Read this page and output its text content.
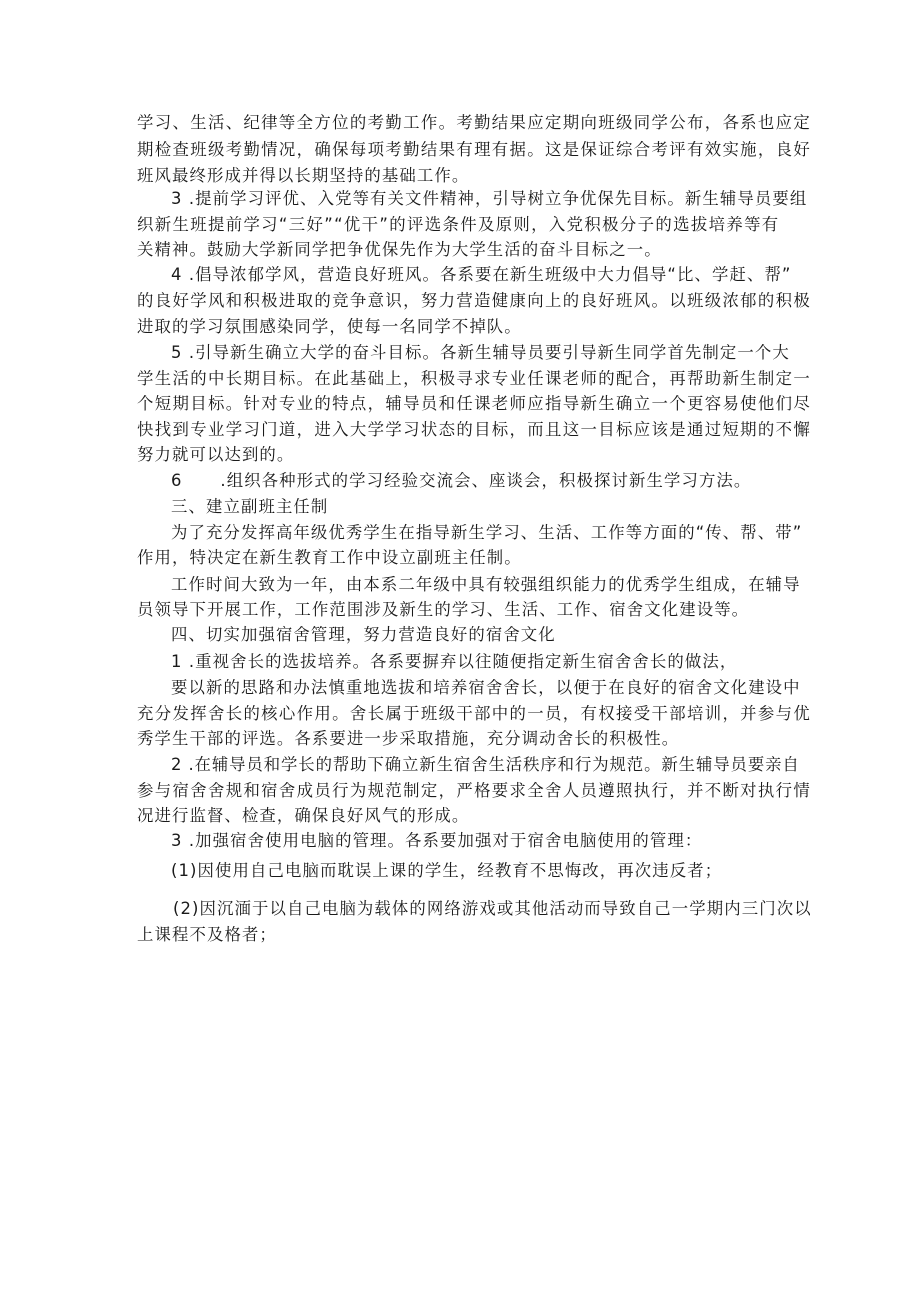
学习、生活、纪律等全方位的考勤工作。考勤结果应定期向班级同学公布，各系也应定
期检查班级考勤情况，确保每项考勤结果有理有据。这是保证综合考评有效实施，良好
班风最终形成并得以长期坚持的基础工作。
3 .提前学习评优、入党等有关文件精神，引导树立争优保先目标。新生辅导员要组
织新生班提前学习“三好”“优干”的评选条件及原则，入党积极分子的选拔培养等有
关精神。鼓励大学新同学把争优保先作为大学生活的奋斗目标之一。
4 .倡导浓郁学风，营造良好班风。各系要在新生班级中大力倡导“比、学赶、帮”
的良好学风和积极进取的竞争意识，努力营造健康向上的良好班风。以班级浓郁的积极
进取的学习氛围感染同学，使每一名同学不掉队。
5 .引导新生确立大学的奋斗目标。各新生辅导员要引导新生同学首先制定一个大
学生活的中长期目标。在此基础上，积极寻求专业任课老师的配合，再帮助新生制定一
个短期目标。针对专业的特点，辅导员和任课老师应指导新生确立一个更容易使他们尽
快找到专业学习门道，进入大学学习状态的目标，而且这一目标应该是通过短期的不懈
努力就可以达到的。
6      .组织各种形式的学习经验交流会、座谈会，积极探讨新生学习方法。
三、建立副班主任制
为了充分发挥高年级优秀学生在指导新生学习、生活、工作等方面的“传、帮、带”
作用，特决定在新生教育工作中设立副班主任制。
工作时间大致为一年，由本系二年级中具有较强组织能力的优秀学生组成，在辅导
员领导下开展工作，工作范围涉及新生的学习、生活、工作、宿舍文化建设等。
四、切实加强宿舍管理，努力营造良好的宿舍文化
1 .重视舍长的选拔培养。各系要摒弃以往随便指定新生宿舍舍长的做法，
要以新的思路和办法慎重地选拔和培养宿舍舍长，以便于在良好的宿舍文化建设中
充分发挥舍长的核心作用。舍长属于班级干部中的一员，有权接受干部培训，并参与优
秀学生干部的评选。各系要进一步采取措施，充分调动舍长的积极性。
2 .在辅导员和学长的帮助下确立新生宿舍生活秩序和行为规范。新生辅导员要亲自
参与宿舍舍规和宿舍成员行为规范制定，严格要求全舍人员遵照执行，并不断对执行情
况进行监督、检查，确保良好风气的形成。
3 .加强宿舍使用电脑的管理。各系要加强对于宿舍电脑使用的管理：
(1)因使用自己电脑而耽误上课的学生，经教育不思悔改，再次违反者；
(2)因沉湎于以自己电脑为载体的网络游戏或其他活动而导致自己一学期内三门次以
上课程不及格者；
